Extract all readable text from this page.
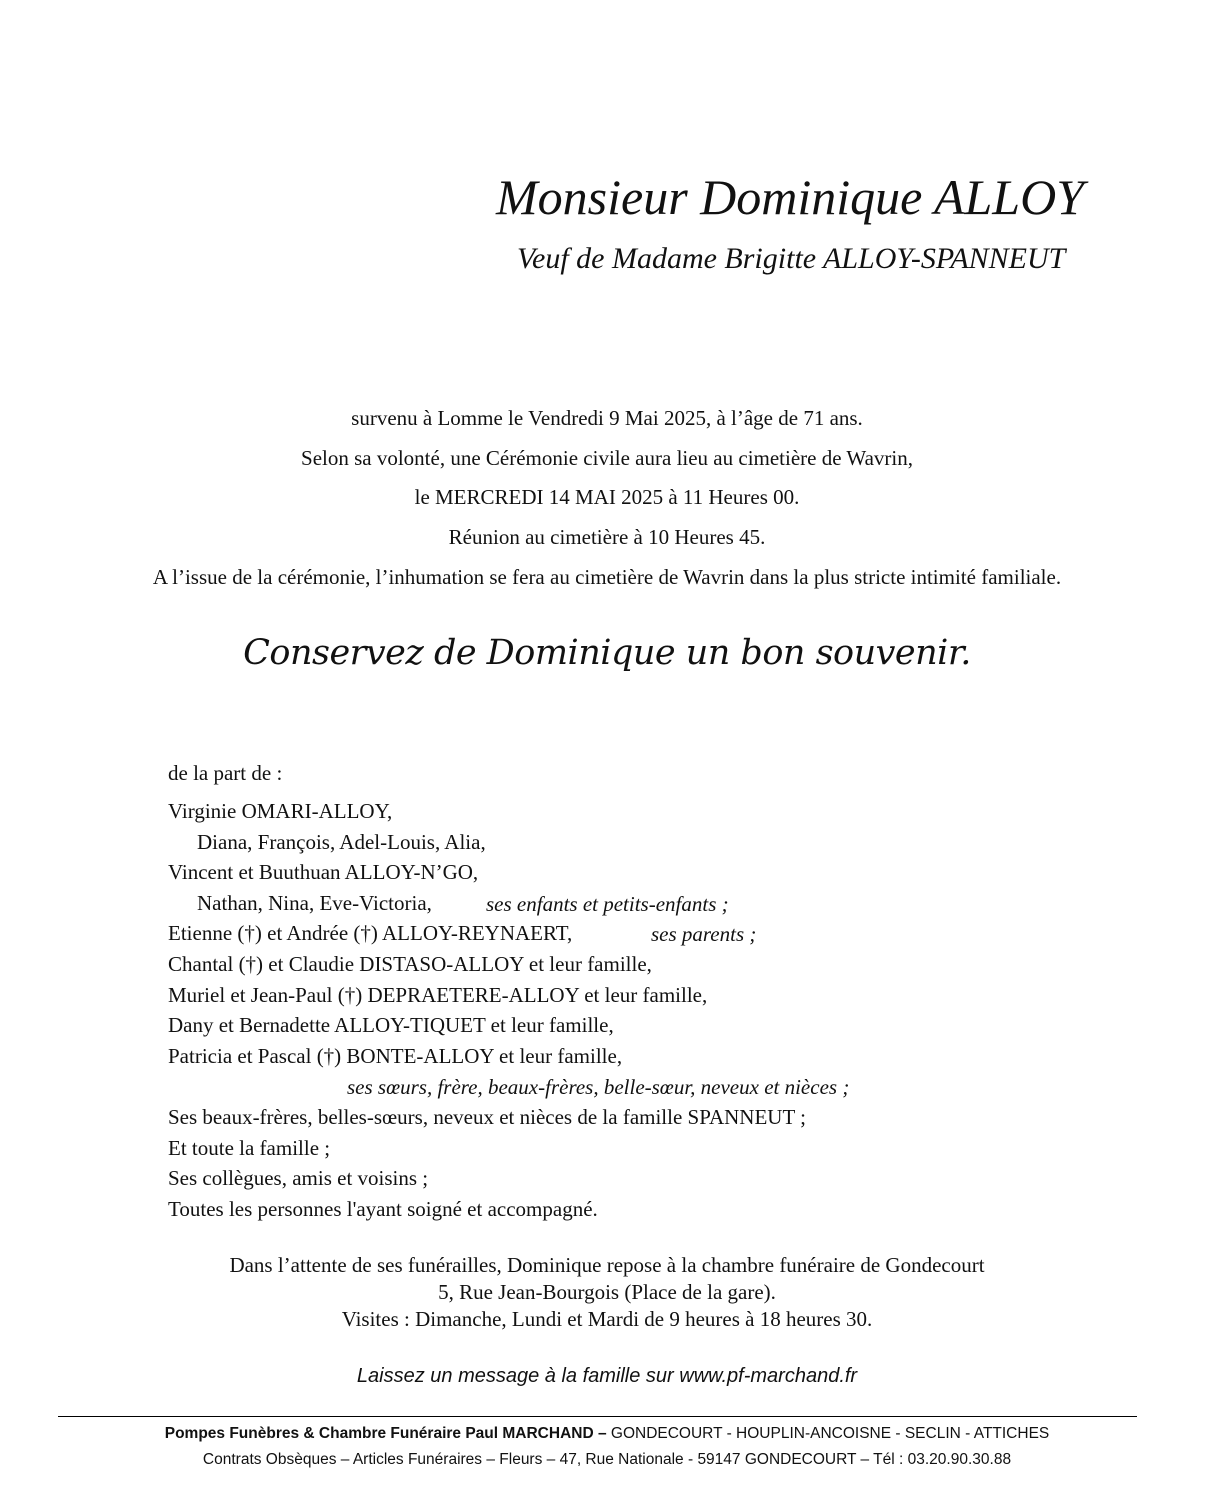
Monsieur Dominique ALLOY
Veuf de Madame Brigitte ALLOY-SPANNEUT
survenu à Lomme le Vendredi 9 Mai 2025, à l’âge de 71 ans.
Selon sa volonté, une Cérémonie civile aura lieu au cimetière de Wavrin,
le MERCREDI 14 MAI 2025 à 11 Heures 00.
Réunion au cimetière à 10 Heures 45.
A l’issue de la cérémonie, l’inhumation se fera au cimetière de Wavrin dans la plus stricte intimité familiale.
Conservez de Dominique un bon souvenir.
de la part de :
Virginie OMARI-ALLOY,
Diana, François, Adel-Louis, Alia,
Vincent et Buuthuan ALLOY-N’GO,
Nathan, Nina, Eve-Victoria,	ses enfants et petits-enfants ;
Etienne (†) et Andrée (†) ALLOY-REYNAERT,	ses parents ;
Chantal (†) et Claudie DISTASO-ALLOY et leur famille,
Muriel et Jean-Paul (†) DEPRAETERE-ALLOY et leur famille,
Dany et Bernadette ALLOY-TIQUET et leur famille,
Patricia et Pascal (†) BONTE-ALLOY et leur famille,
ses sœurs, frère, beaux-frères, belle-sœur, neveux et nièces ;
Ses beaux-frères, belles-sœurs, neveux et nièces de la famille SPANNEUT ;
Et toute la famille ;
Ses collègues, amis et voisins ;
Toutes les personnes l'ayant soigné et accompagné.
Dans l’attente de ses funérailles, Dominique repose à la chambre funéraire de Gondecourt
5, Rue Jean-Bourgois (Place de la gare).
Visites : Dimanche, Lundi et Mardi de 9 heures à 18 heures 30.
Laissez un message à la famille sur www.pf-marchand.fr
Pompes Funèbres & Chambre Funéraire Paul MARCHAND – GONDECOURT - HOUPLIN-ANCOISNE - SECLIN - ATTICHES
Contrats Obsèques – Articles Funéraires – Fleurs – 47, Rue Nationale - 59147 GONDECOURT – Tél : 03.20.90.30.88
